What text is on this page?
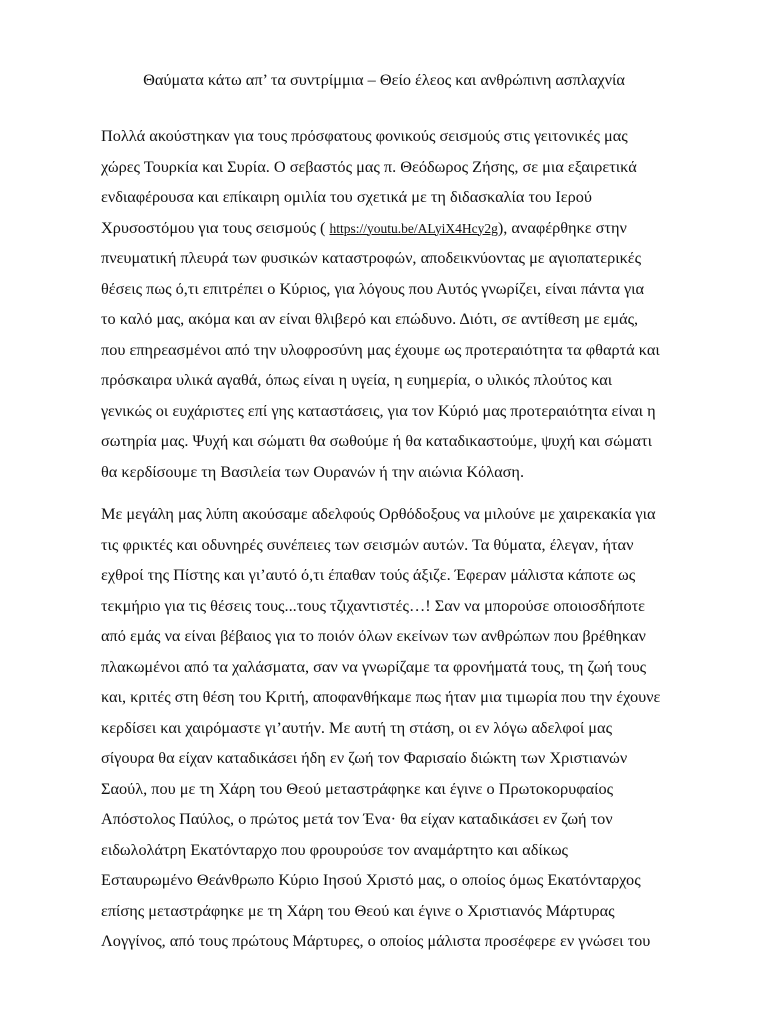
Θαύματα κάτω απ’ τα συντρίμμια – Θείο έλεος και ανθρώπινη ασπλαχνία

Πολλά ακούστηκαν για τους πρόσφατους φονικούς σεισμούς στις γειτονικές μας
χώρες Τουρκία και Συρία. Ο σεβαστός μας π. Θεόδωρος Ζήσης, σε μια εξαιρετικά
ενδιαφέρουσα και επίκαιρη ομιλία του σχετικά με τη διδασκαλία του Ιερού
Χρυσοστόμου για τους σεισμούς ( https://youtu.be/ALyiX4Hcy2g), αναφέρθηκε στην
πνευματική πλευρά των φυσικών καταστροφών, αποδεικνύοντας με αγιοπατερικές
θέσεις πως ό,τι επιτρέπει ο Κύριος, για λόγους που Αυτός γνωρίζει, είναι πάντα για
το καλό μας, ακόμα και αν είναι θλιβερό και επώδυνο. Διότι, σε αντίθεση με εμάς,
που επηρεασμένοι από την υλοφροσύνη μας έχουμε ως προτεραιότητα τα φθαρτά και
πρόσκαιρα υλικά αγαθά, όπως είναι η υγεία, η ευημερία, ο υλικός πλούτος και
γενικώς οι ευχάριστες επί γης καταστάσεις, για τον Κύριό μας προτεραιότητα είναι η
σωτηρία μας. Ψυχή και σώματι θα σωθούμε ή θα καταδικαστούμε, ψυχή και σώματι
θα κερδίσουμε τη Βασιλεία των Ουρανών ή την αιώνια Κόλαση.

Με μεγάλη μας λύπη ακούσαμε αδελφούς Ορθόδοξους να μιλούνε με χαιρεκακία για
τις φρικτές και οδυνηρές συνέπειες των σεισμών αυτών. Τα θύματα, έλεγαν, ήταν
εχθροί της Πίστης και γι’αυτό ό,τι έπαθαν τούς άξιζε. Έφεραν μάλιστα κάποτε ως
τεκμήριο για τις θέσεις τους...τους τζιχαντιστές…! Σαν να μπορούσε οποιοσδήποτε
από εμάς να είναι βέβαιος για το ποιόν όλων εκείνων των ανθρώπων που βρέθηκαν
πλακωμένοι από τα χαλάσματα, σαν να γνωρίζαμε τα φρονήματά τους, τη ζωή τους
και, κριτές στη θέση του Κριτή, αποφανθήκαμε πως ήταν μια τιμωρία που την έχουνε
κερδίσει και χαιρόμαστε γι’αυτήν. Με αυτή τη στάση, οι εν λόγω αδελφοί μας
σίγουρα θα είχαν καταδικάσει ήδη εν ζωή τον Φαρισαίο διώκτη των Χριστιανών
Σαούλ, που με τη Χάρη του Θεού μεταστράφηκε και έγινε ο Πρωτοκορυφαίος
Απόστολος Παύλος, ο πρώτος μετά τον Ένα· θα είχαν καταδικάσει εν ζωή τον
ειδωλολάτρη Εκατόνταρχο που φρουρούσε τον αναμάρτητο και αδίκως
Εσταυρωμένο Θεάνθρωπο Κύριο Ιησού Χριστό μας, ο οποίος όμως Εκατόνταρχος
επίσης μεταστράφηκε με τη Χάρη του Θεού και έγινε ο Χριστιανός Μάρτυρας
Λογγίνος, από τους πρώτους Μάρτυρες, ο οποίος μάλιστα προσέφερε εν γνώσει του
